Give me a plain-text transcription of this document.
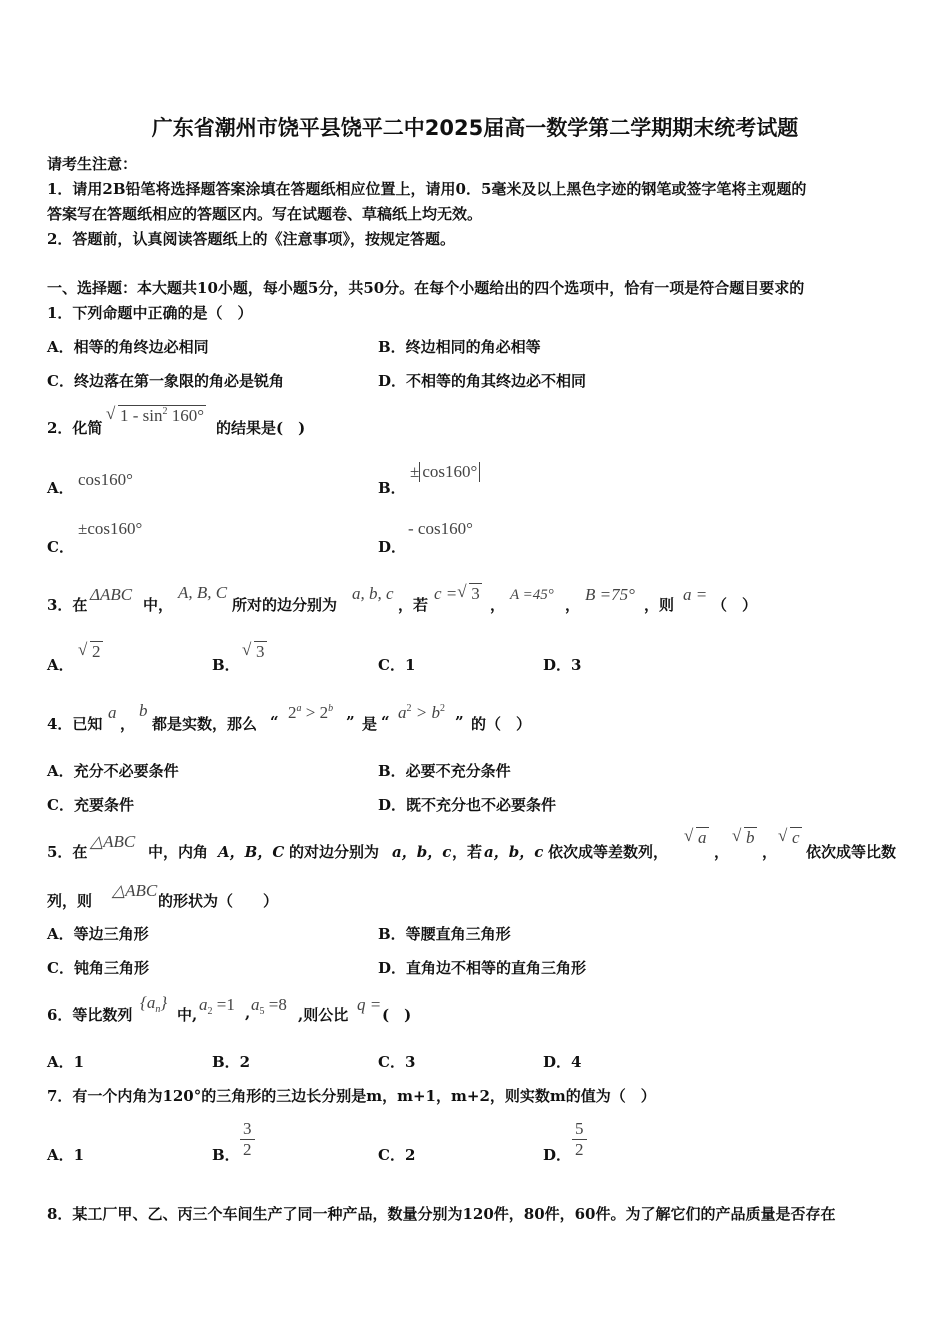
广东省潮州市饶平县饶平二中2025届高一数学第二学期期末统考试题
请考生注意：
1．请用2B铅笔将选择题答案涂填在答题纸相应位置上，请用0．5毫米及以上黑色字迹的钢笔或签字笔将主观题的
答案写在答题纸相应的答题区内。写在试题卷、草稿纸上均无效。
2．答题前，认真阅读答题纸上的《注意事项》，按规定答题。
一、选择题：本大题共10小题，每小题5分，共50分。在每个小题给出的四个选项中，恰有一项是符合题目要求的
1．下列命题中正确的是（　）
A．相等的角终边必相同	B．终边相同的角必相等
C．终边落在第一象限的角必是锐角	D．不相等的角其终边必不相同
2．化简
√ $1 - \sin^2 160^\circ$
的结果是(　)
A． cos160°	B．
± cos160°
C．
±cos160°
D．
- cos160°
3．在
ΔABC
中，
A, B, C
所对的边分别为
a, b, c
，若
c =√ 3
，
A =45°
，
B =75°
，则
a =
（　）
A．
√ 2
B．
√ 3
C．1	D．3
4．已知
a
，
b
都是实数，那么 “ $2^a > 2^b$
” 是 “ $a^2 > b^2$
” 的（　）
A．充分不必要条件	B．必要不充分条件
C．充要条件	D．既不充分也不必要条件
5．在
△ABC
中，内角 A，B，C 的对边分别为 a，b，c ，若 a，b，c 依次成等差数列，
√ a
，
√ b
，
√ c
依次成等比数
列，则
△ABC
的形状为（　　）
A．等边三角形	B．等腰直角三角形
C．钝角三角形	D．直角边不相等的直角三角形
6．等比数列
$\{a_n\}$
中,
$a_2 =1$ , $a_5 =8$
,则公比
q =
(　)
A．1	B．2	C．3	D．4
7．有一个内角为120°的三角形的三边长分别是m，m+1，m+2，则实数m的值为（　）
A．1	B． $\frac{3}{2}$	C．2	D． $\frac{5}{2}$
8．某工厂甲、乙、丙三个车间生产了同一种产品，数量分别为120件，80件，60件。为了解它们的产品质量是否存在
